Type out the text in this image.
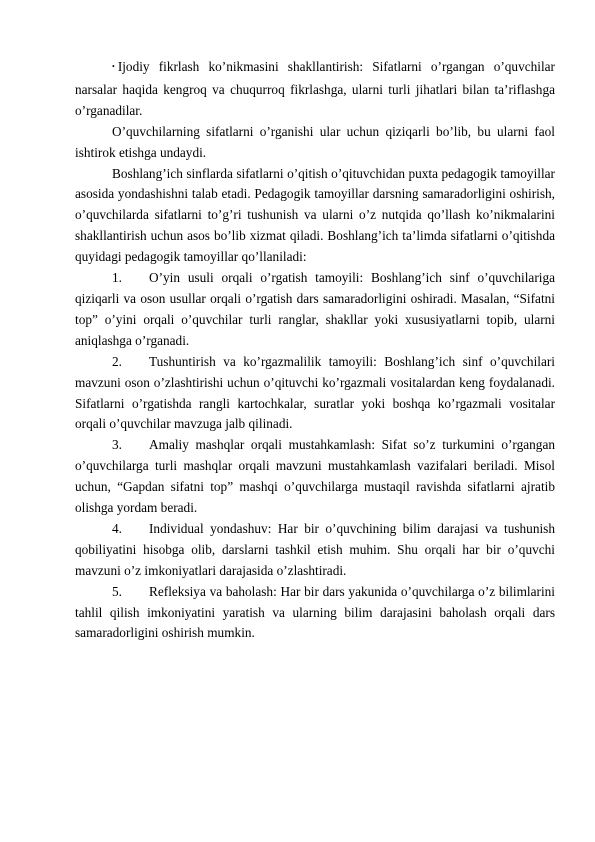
• Ijodiy fikrlash ko’nikmasini shakllantirish: Sifatlarni o’rgangan o’quvchilar narsalar haqida kengroq va chuqurroq fikrlashga, ularni turli jihatlari bilan ta’riflashga o’rganadilar.

O’quvchilarning sifatlarni o’rganishi ular uchun qiziqarli bo’lib, bu ularni faol ishtirok etishga undaydi.

Boshlang’ich sinflarda sifatlarni o’qitish o’qituvchidan puxta pedagogik tamoyillar asosida yondashishni talab etadi. Pedagogik tamoyillar darsning samaradorligini oshirish, o’quvchilarda sifatlarni to’g’ri tushunish va ularni o’z nutqida qo’llash ko’nikmalarini shakllantirish uchun asos bo’lib xizmat qiladi. Boshlang’ich ta’limda sifatlarni o’qitishda quyidagi pedagogik tamoyillar qo’llaniladi:

1. O’yin usuli orqali o’rgatish tamoyili: Boshlang’ich sinf o’quvchilariga qiziqarli va oson usullar orqali o’rgatish dars samaradorligini oshiradi. Masalan, “Sifatni top” o’yini orqali o’quvchilar turli ranglar, shakllar yoki xususiyatlarni topib, ularni aniqlashga o’rganadi.

2. Tushuntirish va ko’rgazmalilik tamoyili: Boshlang’ich sinf o’quvchilari mavzuni oson o’zlashtirishi uchun o’qituvchi ko’rgazmali vositalardan keng foydalanadi. Sifatlarni o’rgatishda rangli kartochkalar, suratlar yoki boshqa ko’rgazmali vositalar orqali o’quvchilar mavzuga jalb qilinadi.

3. Amaliy mashqlar orqali mustahkamlash: Sifat so’z turkumini o’rgangan o’quvchilarga turli mashqlar orqali mavzuni mustahkamlash vazifalari beriladi. Misol uchun, “Gapdan sifatni top” mashqi o’quvchilarga mustaqil ravishda sifatlarni ajratib olishga yordam beradi.

4. Individual yondashuv: Har bir o’quvchining bilim darajasi va tushunish qobiliyatini hisobga olib, darslarni tashkil etish muhim. Shu orqali har bir o’quvchi mavzuni o’z imkoniyatlari darajasida o’zlashtiradi.

5. Refleksiya va baholash: Har bir dars yakunida o’quvchilarga o’z bilimlarini tahlil qilish imkoniyatini yaratish va ularning bilim darajasini baholash orqali dars samaradorligini oshirish mumkin.
